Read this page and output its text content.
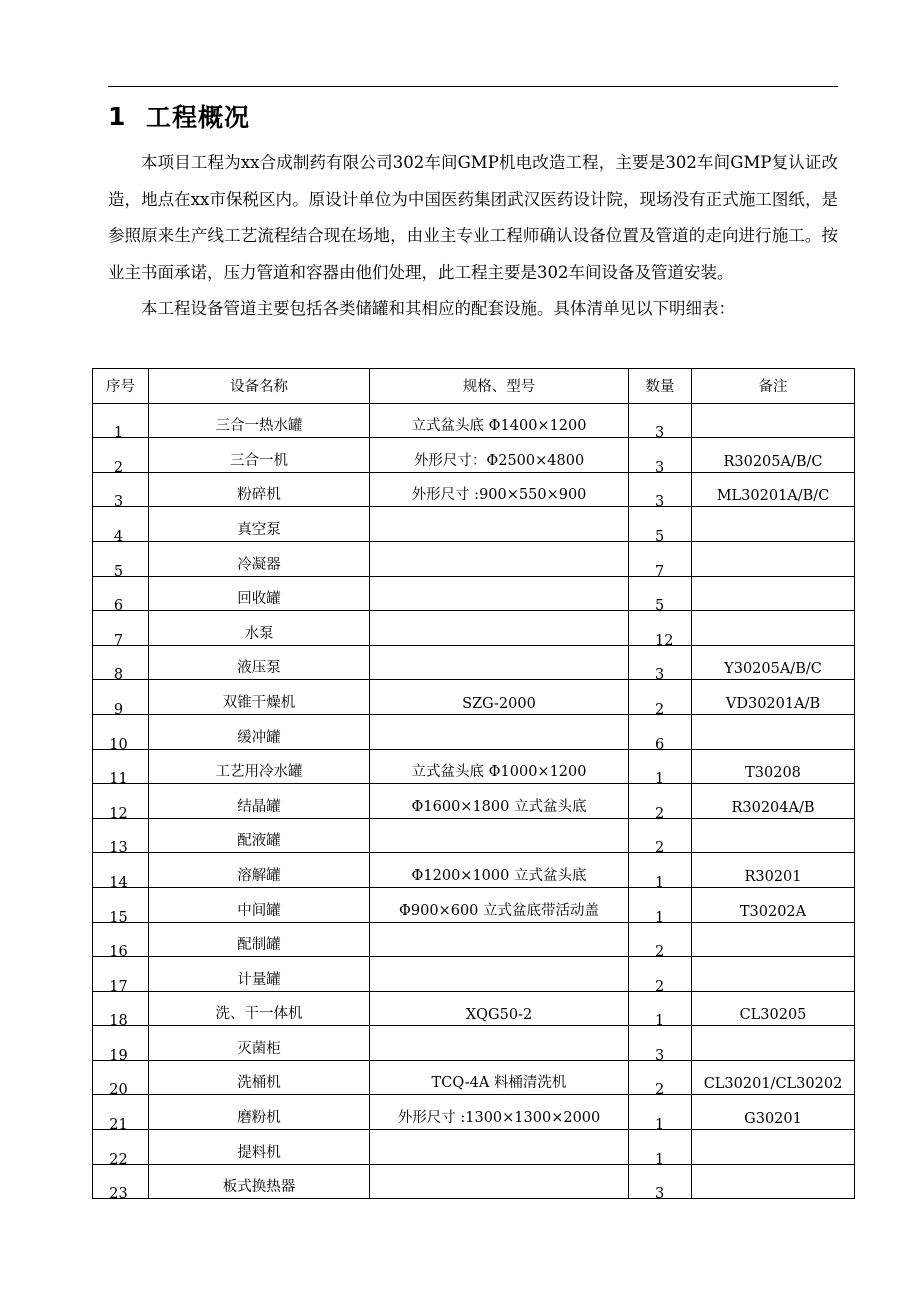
1 工程概况

本项目工程为xx合成制药有限公司302车间GMP机电改造工程，主要是302车间GMP复认证改造，地点在xx市保税区内。原设计单位为中国医药集团武汉医药设计院，现场没有正式施工图纸，是参照原来生产线工艺流程结合现在场地，由业主专业工程师确认设备位置及管道的走向进行施工。按业主书面承诺，压力管道和容器由他们处理，此工程主要是302车间设备及管道安装。

本工程设备管道主要包括各类储罐和其相应的配套设施。具体清单见以下明细表：

序号	设备名称	规格、型号	数量	备注
1	三合一热水罐	立式盆头底 Φ1400×1200	3	
2	三合一机	外形尺寸：Φ2500×4800	3	R30205A/B/C
3	粉碎机	外形尺寸 :900×550×900	3	ML30201A/B/C
4	真空泵		5	
5	冷凝器		7	
6	回收罐		5	
7	水泵		12	
8	液压泵		3	Y30205A/B/C
9	双锥干燥机	SZG-2000	2	VD30201A/B
10	缓冲罐		6	
11	工艺用冷水罐	立式盆头底 Φ1000×1200	1	T30208
12	结晶罐	Φ1600×1800 立式盆头底	2	R30204A/B
13	配液罐		2	
14	溶解罐	Φ1200×1000 立式盆头底	1	R30201
15	中间罐	Φ900×600 立式盆底带活动盖	1	T30202A
16	配制罐		2	
17	计量罐		2	
18	洗、干一体机	XQG50-2	1	CL30205
19	灭菌柜		3	
20	洗桶机	TCQ-4A 料桶清洗机	2	CL30201/CL30202
21	磨粉机	外形尺寸 :1300×1300×2000	1	G30201
22	提料机		1	
23	板式换热器		3	
